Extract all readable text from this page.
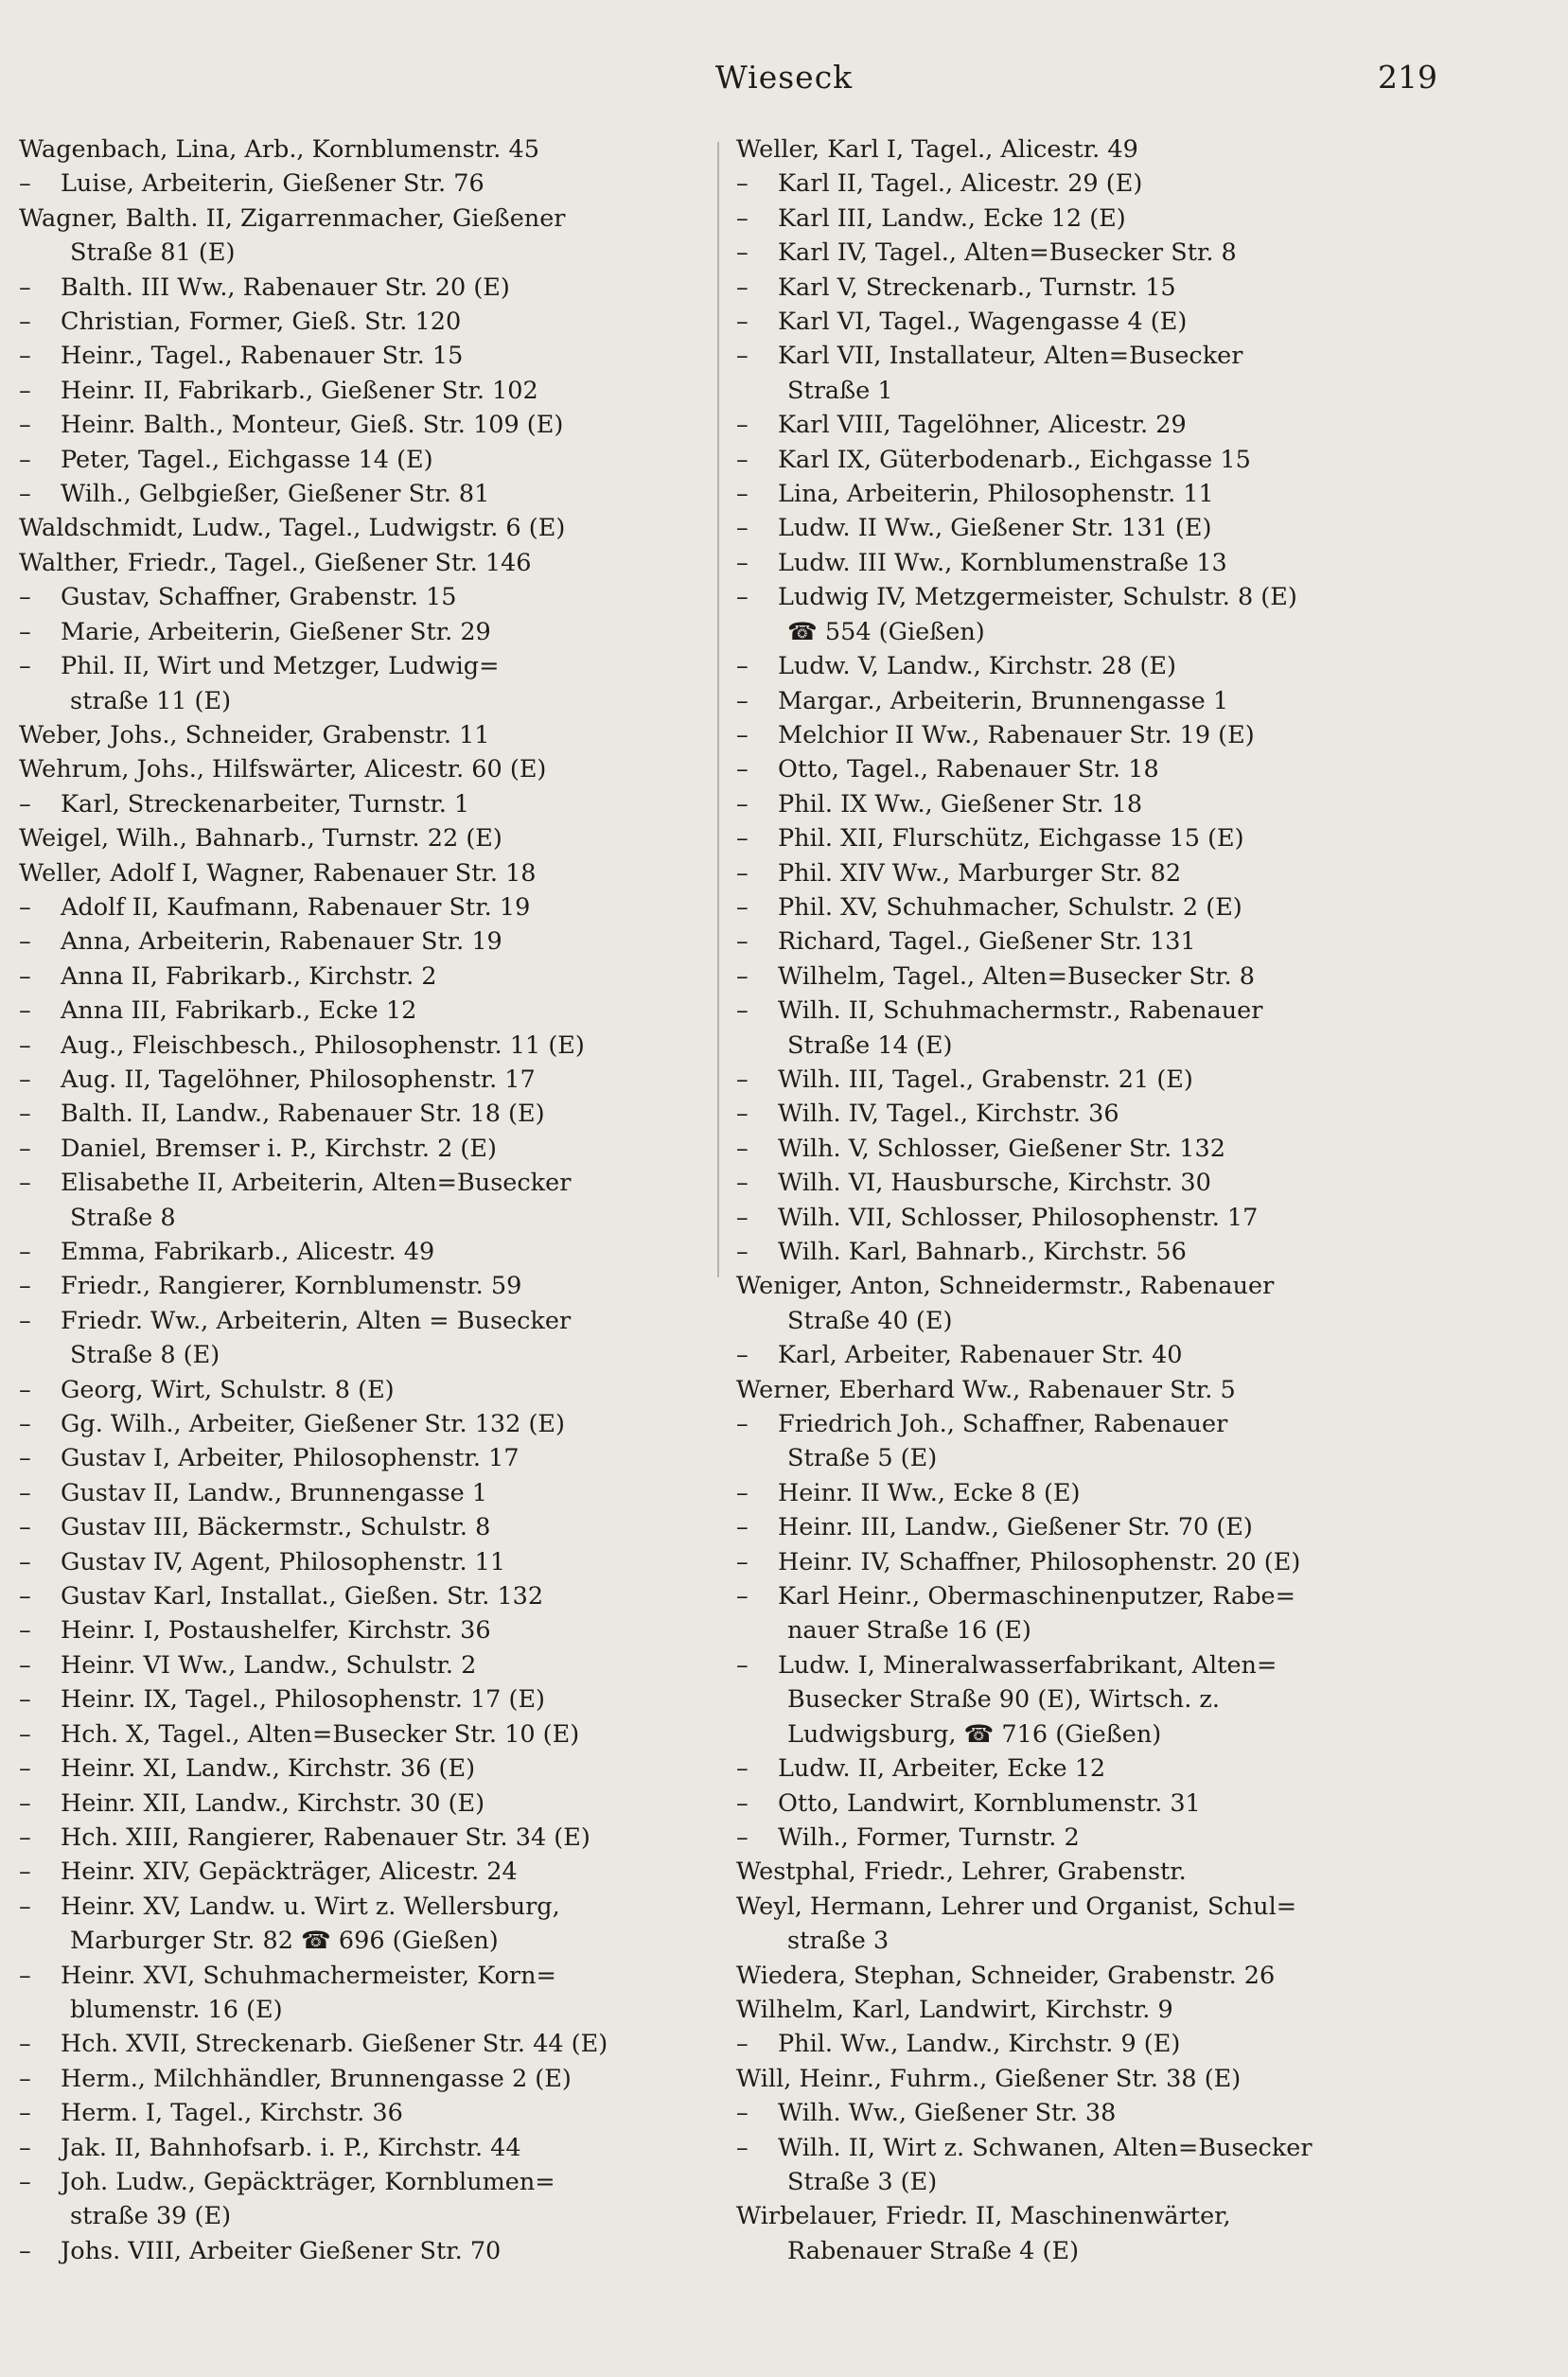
Wieseck	219
Wagenbach, Lina, Arb., Kornblumenstr. 45
– Luise, Arbeiterin, Gießener Str. 76
Wagner, Balth. II, Zigarrenmacher, Gießener
Straße 81 (E)
– Balth. III Ww., Rabenauer Str. 20 (E)
– Christian, Former, Gieß. Str. 120
– Heinr., Tagel., Rabenauer Str. 15
– Heinr. II, Fabrikarb., Gießener Str. 102
– Heinr. Balth., Monteur, Gieß. Str. 109 (E)
– Peter, Tagel., Eichgasse 14 (E)
– Wilh., Gelbgießer, Gießener Str. 81
Waldschmidt, Ludw., Tagel., Ludwigstr. 6 (E)
Walther, Friedr., Tagel., Gießener Str. 146
– Gustav, Schaffner, Grabenstr. 15
– Marie, Arbeiterin, Gießener Str. 29
– Phil. II, Wirt und Metzger, Ludwig=
straße 11 (E)
Weber, Johs., Schneider, Grabenstr. 11
Wehrum, Johs., Hilfswärter, Alicestr. 60 (E)
– Karl, Streckenarbeiter, Turnstr. 1
Weigel, Wilh., Bahnarb., Turnstr. 22 (E)
Weller, Adolf I, Wagner, Rabenauer Str. 18
– Adolf II, Kaufmann, Rabenauer Str. 19
– Anna, Arbeiterin, Rabenauer Str. 19
– Anna II, Fabrikarb., Kirchstr. 2
– Anna III, Fabrikarb., Ecke 12
– Aug., Fleischbesch., Philosophenstr. 11 (E)
– Aug. II, Tagelöhner, Philosophenstr. 17
– Balth. II, Landw., Rabenauer Str. 18 (E)
– Daniel, Bremser i. P., Kirchstr. 2 (E)
– Elisabethe II, Arbeiterin, Alten=Busecker
Straße 8
– Emma, Fabrikarb., Alicestr. 49
– Friedr., Rangierer, Kornblumenstr. 59
– Friedr. Ww., Arbeiterin, Alten = Busecker
Straße 8 (E)
– Georg, Wirt, Schulstr. 8 (E)
– Gg. Wilh., Arbeiter, Gießener Str. 132 (E)
– Gustav I, Arbeiter, Philosophenstr. 17
– Gustav II, Landw., Brunnengasse 1
– Gustav III, Bäckermstr., Schulstr. 8
– Gustav IV, Agent, Philosophenstr. 11
– Gustav Karl, Installat., Gießen. Str. 132
– Heinr. I, Postaushelfer, Kirchstr. 36
– Heinr. VI Ww., Landw., Schulstr. 2
– Heinr. IX, Tagel., Philosophenstr. 17 (E)
– Hch. X, Tagel., Alten=Busecker Str. 10 (E)
– Heinr. XI, Landw., Kirchstr. 36 (E)
– Heinr. XII, Landw., Kirchstr. 30 (E)
– Hch. XIII, Rangierer, Rabenauer Str. 34 (E)
– Heinr. XIV, Gepäckträger, Alicestr. 24
– Heinr. XV, Landw. u. Wirt z. Wellersburg,
Marburger Str. 82 ☎ 696 (Gießen)
– Heinr. XVI, Schuhmachermeister, Korn=
blumenstr. 16 (E)
– Hch. XVII, Streckenarb. Gießener Str. 44 (E)
– Herm., Milchhändler, Brunnengasse 2 (E)
– Herm. I, Tagel., Kirchstr. 36
– Jak. II, Bahnhofsarb. i. P., Kirchstr. 44
– Joh. Ludw., Gepäckträger, Kornblumen=
straße 39 (E)
– Johs. VIII, Arbeiter Gießener Str. 70
Weller, Karl I, Tagel., Alicestr. 49
– Karl II, Tagel., Alicestr. 29 (E)
– Karl III, Landw., Ecke 12 (E)
– Karl IV, Tagel., Alten=Busecker Str. 8
– Karl V, Streckenarb., Turnstr. 15
– Karl VI, Tagel., Wagengasse 4 (E)
– Karl VII, Installateur, Alten=Busecker
Straße 1
– Karl VIII, Tagelöhner, Alicestr. 29
– Karl IX, Güterbodenarb., Eichgasse 15
– Lina, Arbeiterin, Philosophenstr. 11
– Ludw. II Ww., Gießener Str. 131 (E)
– Ludw. III Ww., Kornblumenstraße 13
– Ludwig IV, Metzgermeister, Schulstr. 8 (E)
☎ 554 (Gießen)
– Ludw. V, Landw., Kirchstr. 28 (E)
– Margar., Arbeiterin, Brunnengasse 1
– Melchior II Ww., Rabenauer Str. 19 (E)
– Otto, Tagel., Rabenauer Str. 18
– Phil. IX Ww., Gießener Str. 18
– Phil. XII, Flurschütz, Eichgasse 15 (E)
– Phil. XIV Ww., Marburger Str. 82
– Phil. XV, Schuhmacher, Schulstr. 2 (E)
– Richard, Tagel., Gießener Str. 131
– Wilhelm, Tagel., Alten=Busecker Str. 8
– Wilh. II, Schuhmachermstr., Rabenauer
Straße 14 (E)
– Wilh. III, Tagel., Grabenstr. 21 (E)
– Wilh. IV, Tagel., Kirchstr. 36
– Wilh. V, Schlosser, Gießener Str. 132
– Wilh. VI, Hausbursche, Kirchstr. 30
– Wilh. VII, Schlosser, Philosophenstr. 17
– Wilh. Karl, Bahnarb., Kirchstr. 56
Weniger, Anton, Schneidermstr., Rabenauer
Straße 40 (E)
– Karl, Arbeiter, Rabenauer Str. 40
Werner, Eberhard Ww., Rabenauer Str. 5
– Friedrich Joh., Schaffner, Rabenauer
Straße 5 (E)
– Heinr. II Ww., Ecke 8 (E)
– Heinr. III, Landw., Gießener Str. 70 (E)
– Heinr. IV, Schaffner, Philosophenstr. 20 (E)
– Karl Heinr., Obermaschinenputzer, Rabe=
nauer Straße 16 (E)
– Ludw. I, Mineralwasserfabrikant, Alten=
Busecker Straße 90 (E), Wirtsch. z.
Ludwigsburg, ☎ 716 (Gießen)
– Ludw. II, Arbeiter, Ecke 12
– Otto, Landwirt, Kornblumenstr. 31
– Wilh., Former, Turnstr. 2
Westphal, Friedr., Lehrer, Grabenstr.
Weyl, Hermann, Lehrer und Organist, Schul=
straße 3
Wiedera, Stephan, Schneider, Grabenstr. 26
Wilhelm, Karl, Landwirt, Kirchstr. 9
– Phil. Ww., Landw., Kirchstr. 9 (E)
Will, Heinr., Fuhrm., Gießener Str. 38 (E)
– Wilh. Ww., Gießener Str. 38
– Wilh. II, Wirt z. Schwanen, Alten=Busecker
Straße 3 (E)
Wirbelauer, Friedr. II, Maschinenwärter,
Rabenauer Straße 4 (E)
